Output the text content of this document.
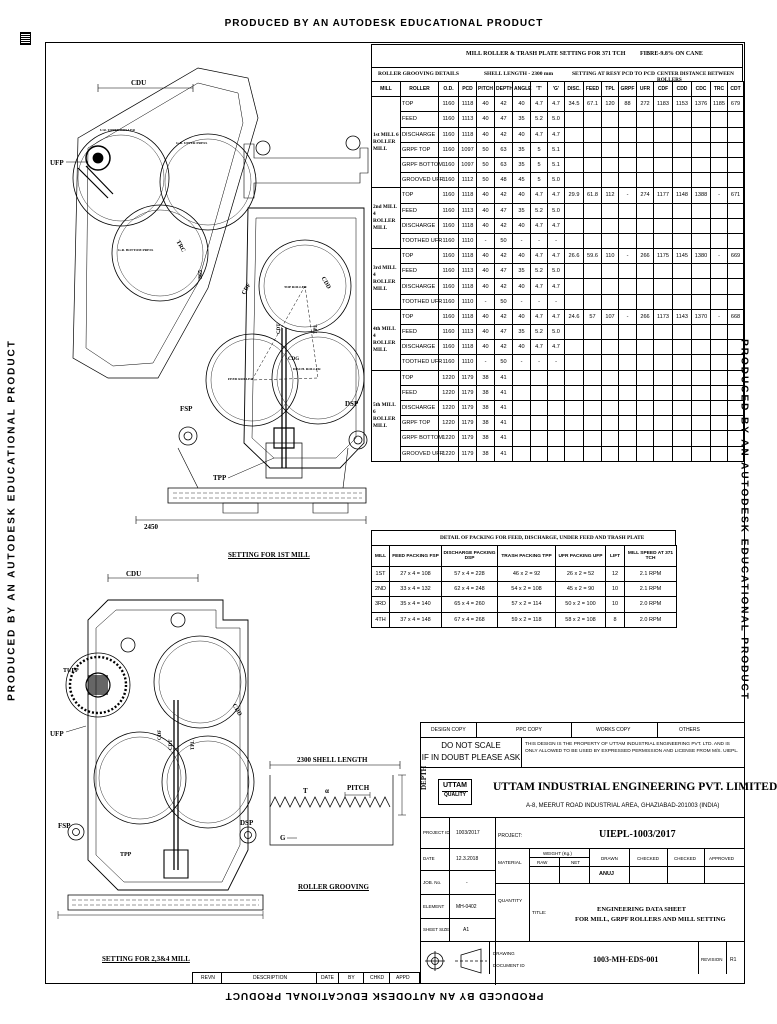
PRODUCED BY AN AUTODESK EDUCATIONAL PRODUCT
PRODUCED BY AN AUTODESK EDUCATIONAL PRODUCT
PRODUCED BY AN AUTODESK EDUCATIONAL PRODUCT	PRODUCED BY AN AUTODESK EDUCATIONAL PRODUCT
MILL ROLLER & TRASH PLATE SETTING FOR 371 TCH FIBRE-9.8% ON CANE
ROLLER GROOVING DETAILS	SHELL LENGTH - 2300 mm	SETTING AT RESY PCD TO PCD CENTER DISTANCE BETWEEN ROLLERS
MILL	ROLLER	O.D.	PCD	PITCH	DEPTH	ANGLE	'T'	'G'	DISC.	FEED	TPL	GRPF	UFR	CDF	CDD	CDC	TRC	CDT
1st MILL 6 ROLLER MILL	TOP	1160	1118	40	42	40	4.7	4.7	34.5	67.1	120	88	272	1183	1153	1376	1185	679
	FEED	1160	1113	40	47	35	5.2	5.0										
	DISCHARGE	1160	1118	40	42	40	4.7	4.7										
	GRPF TOP	1160	1097	50	63	35	5	5.1										
	GRPF BOTTOM	1160	1097	50	63	35	5	5.1										
	GROOVED UFR	1160	1112	50	48	45	5	5.0										
2nd MILL 4 ROLLER MILL	TOP	1160	1118	40	42	40	4.7	4.7	29.9	61.8	112	-	274	1177	1148	1388	-	671
	FEED	1160	1113	40	47	35	5.2	5.0										
	DISCHARGE	1160	1118	40	42	40	4.7	4.7										
	TOOTHED UFR	1160	1110	-	50	-	-	-										
3rd MILL 4 ROLLER MILL	TOP	1160	1118	40	42	40	4.7	4.7	26.6	59.6	110	-	266	1175	1145	1380	-	669
	FEED	1160	1113	40	47	35	5.2	5.0										
	DISCHARGE	1160	1118	40	42	40	4.7	4.7										
	TOOTHED UFR	1160	1110	-	50	-	-	-										
4th MILL 4 ROLLER MILL	TOP	1160	1118	40	42	40	4.7	4.7	24.6	57	107	-	266	1173	1143	1370	-	668
	FEED	1160	1113	40	47	35	5.2	5.0										
	DISCHARGE	1160	1118	40	42	40	4.7	4.7										
	TOOTHED UFR	1160	1110	-	50	-	-	-										
5th MILL 6 ROLLER MILL	TOP	1220	1179	38	41													
	FEED	1220	1179	38	41													
	DISCHARGE	1220	1179	38	41													
	GRPF TOP	1220	1179	38	41													
	GRPF BOTTOM	1220	1179	38	41													
	GROOVED UFR	1220	1179	38	41													
DETAIL OF PACKING FOR FEED, DISCHARGE, UNDER FEED AND TRASH PLATE
MILL	FEED PACKING FSP	DISCHARGE PACKING DSP	TRASH PACKING TPP	UFR PACKING UFP	LIFT	MILL SPEED AT 371 TCH
1ST	27 x 4 = 108	57 x 4 = 228	46 x 2 = 92	26 x 2 = 52	12	2.1 RPM
2ND	33 x 4 = 132	62 x 4 = 248	54 x 2 = 108	45 x 2 = 90	10	2.1 RPM
3RD	35 x 4 = 140	65 x 4 = 260	57 x 2 = 114	50 x 2 = 100	10	2.0 RPM
4TH	37 x 4 = 148	67 x 4 = 268	59 x 2 = 118	58 x 2 = 108	8	2.0 RPM
U.R. UPPER ROLLER
G.R. UPPER PRESS
G.R. BOTTOM PRESS
CDU
UFP
TRC
365
TOP ROLLER
FEED ROLLER
DISCH. ROLLER
CDF	CDD
CDT	TPL
CDG
FSP
DSP
TPP
2450
SETTING FOR 1ST MILL
CDU
TUFP
UFP
FSP	DSP
TPP
CDF
CDD
CDT	TPL
SETTING FOR 2,3&4 MILL
2300 SHELL LENGTH
T α	PITCH
G
DEPTH
ROLLER GROOVING
DESIGN COPY	PPC COPY	WORKS COPY	OTHERS
DO NOT SCALE
IF IN DOUBT PLEASE ASK
THIS DESIGN IS THE PROPERTY OF UTTAM INDUSTRIAL ENGINEERING PVT. LTD. AND IS ONLY ALLOWED TO BE USED BY EXPRESSED PERMISSION AND LICENSE FROM M/S. UIEPL.
UTTAM
QUALITY
UTTAM INDUSTRIAL ENGINEERING PVT. LIMITED
A-8, MEERUT ROAD INDUSTRIAL AREA, GHAZIABAD-201003 (INDIA)
PROJECT ID 1003/2017
DATE	12.3.2018
JOB. No.	-
ELEMENT MH-0402
SHEET SIZE	A1
PROJECT:	UIEPL-1003/2017
MATERIAL
WEIGHT (Kg.)
RAW	NET
DRAWN	CHECKED	CHECKED	APPROVED
ANUJ
QUANTITY
TITLE:
ENGINEERING DATA SHEET
FOR MILL, GRPF ROLLERS AND MILL SETTING
DRAWING
DOCUMENT ID
1003-MH-EDS-001	REVISION R1
REVN	DESCRIPTION	DATE	BY	CHKD APPD
